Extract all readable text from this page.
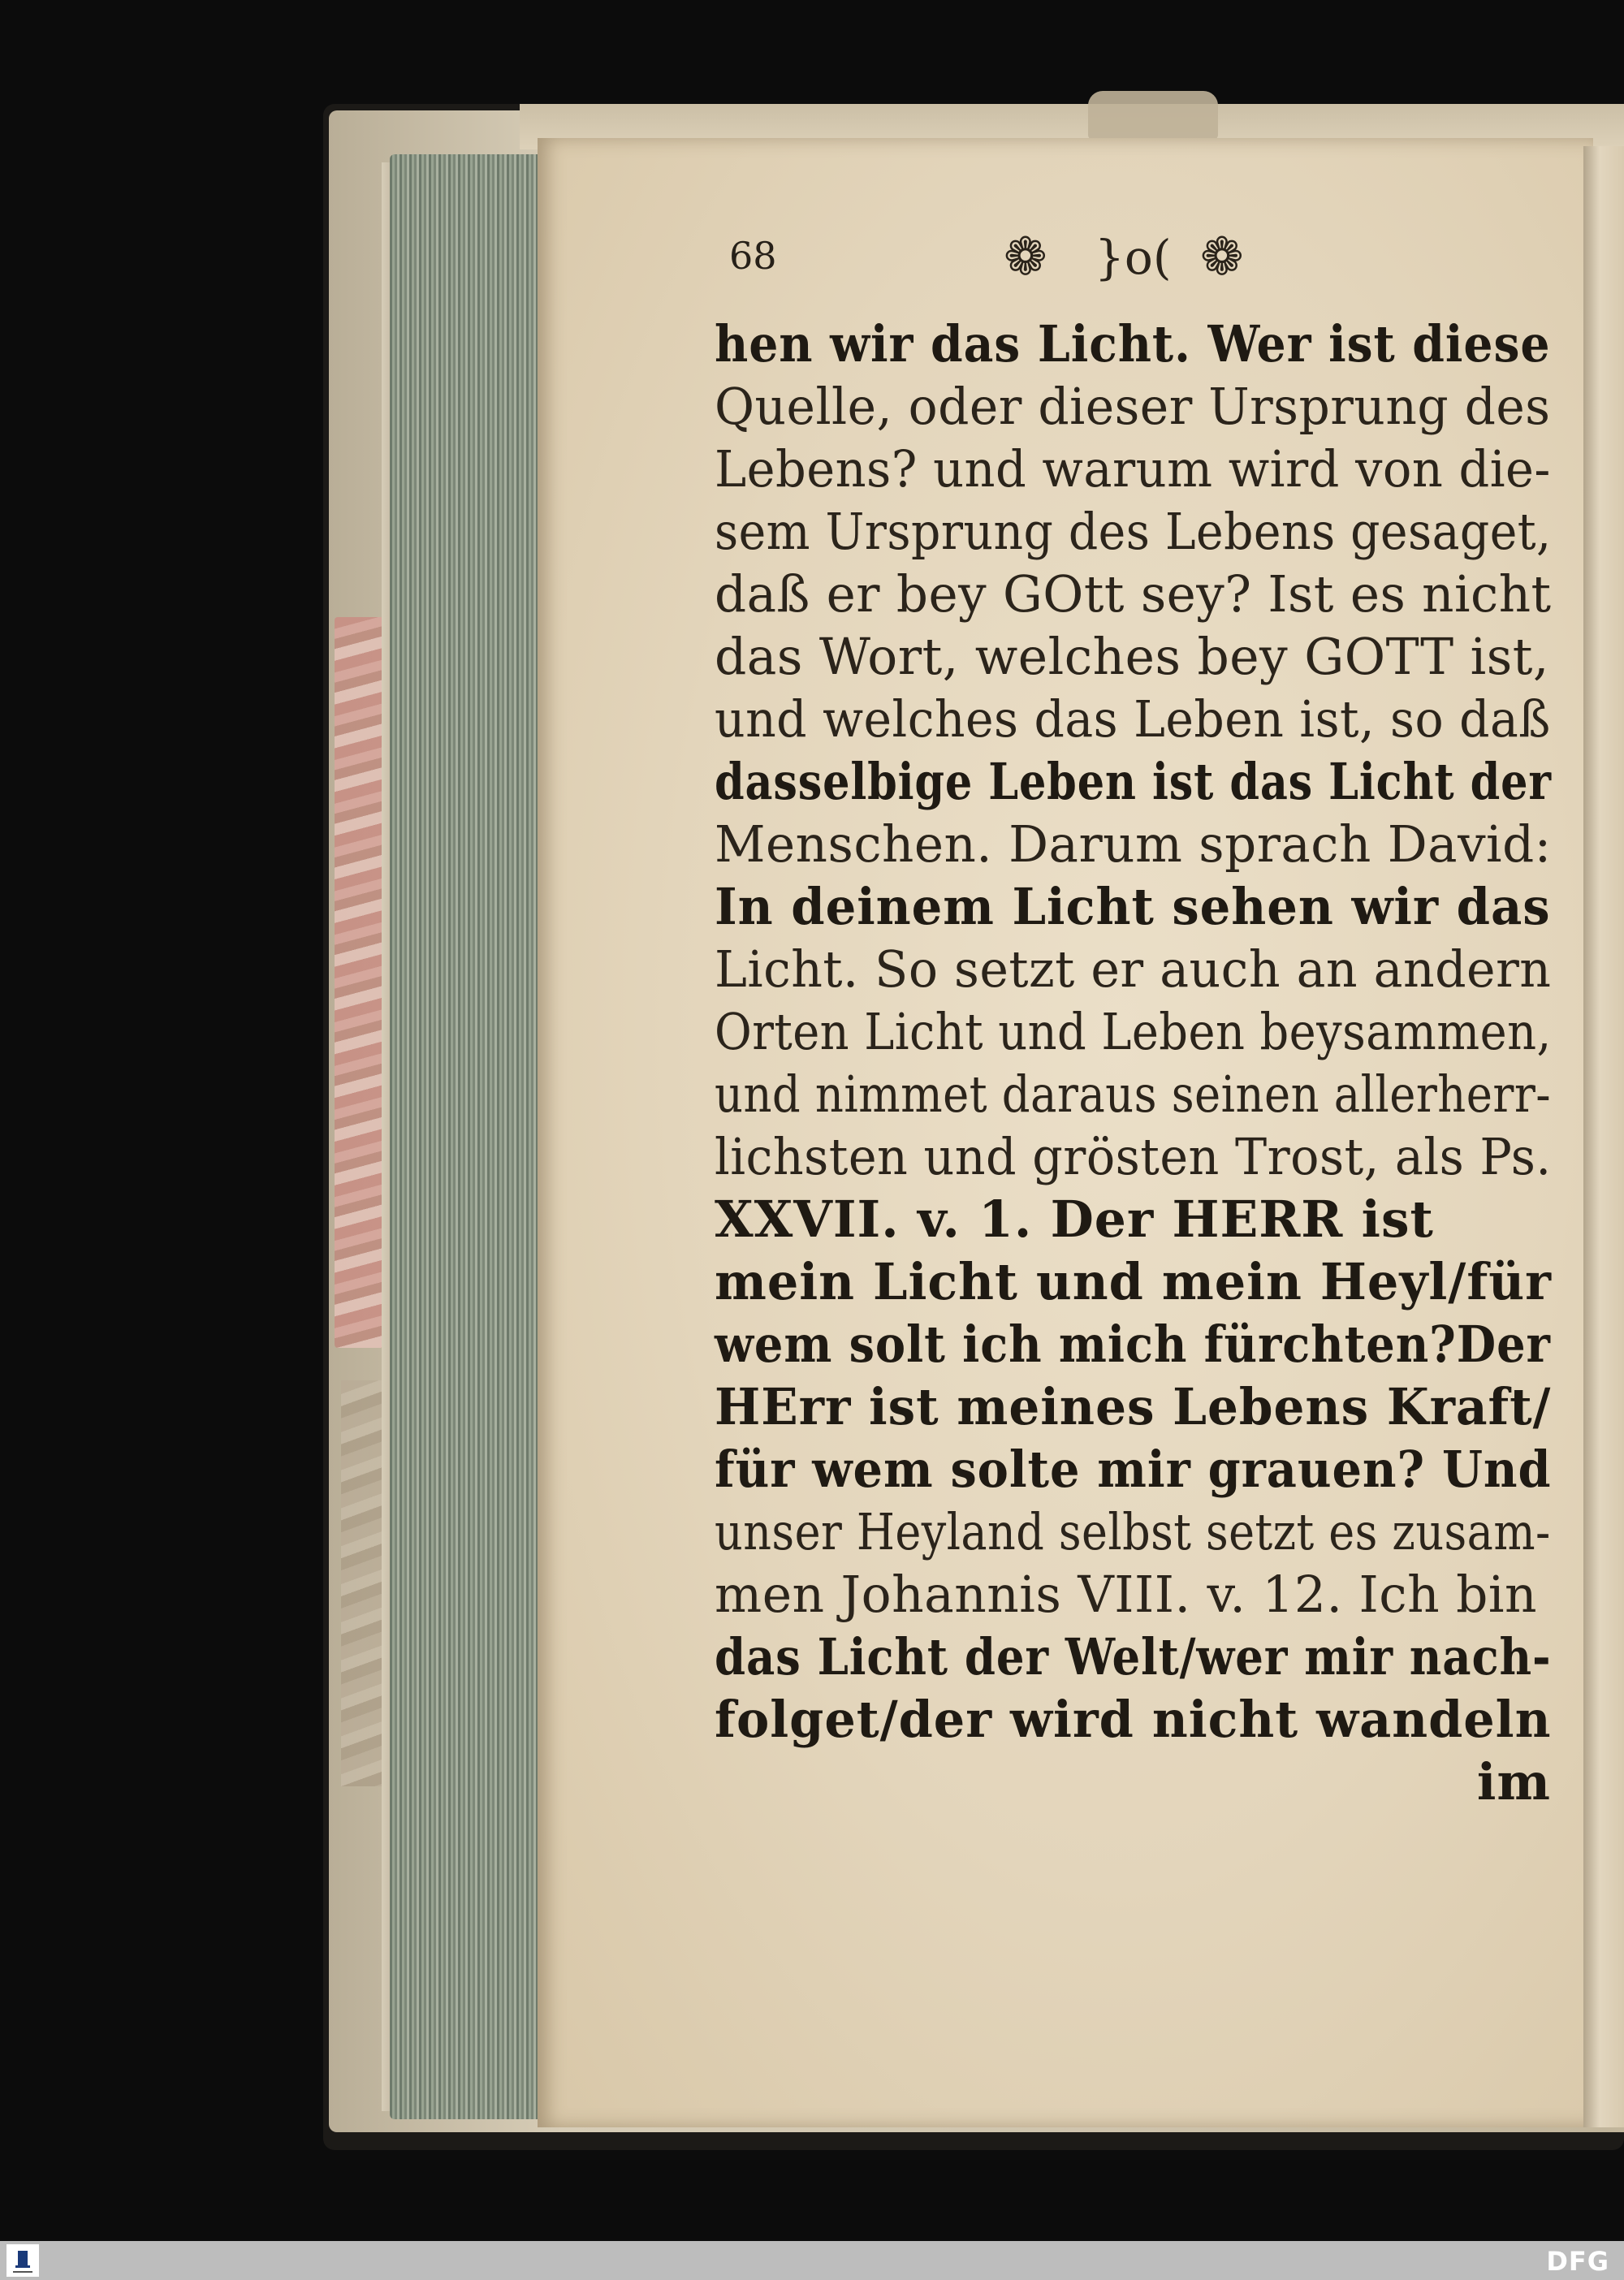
68	❁ }o( ❁
hen wir das Licht. Wer ist diese
Quelle, oder dieser Ursprung des
Lebens? und warum wird von die-
sem Ursprung des Lebens gesaget,
daß er bey GOtt sey? Ist es nicht
das Wort, welches bey GOTT ist,
und welches das Leben ist, so daß
dasselbige Leben ist das Licht der
Menschen. Darum sprach David:
In deinem Licht sehen wir das
Licht. So setzt er auch an andern
Orten Licht und Leben beysammen,
und nimmet daraus seinen allerherr-
lichsten und grösten Trost, als Ps.
XXVII. v. 1. Der HERR ist
mein Licht und mein Heyl/für
wem solt ich mich fürchten?Der
HErr ist meines Lebens Kraft/
für wem solte mir grauen? Und
unser Heyland selbst setzt es zusam-
men Johannis VIII. v. 12. Ich bin
das Licht der Welt/wer mir nach-
folget/der wird nicht wandeln
im
DFG
